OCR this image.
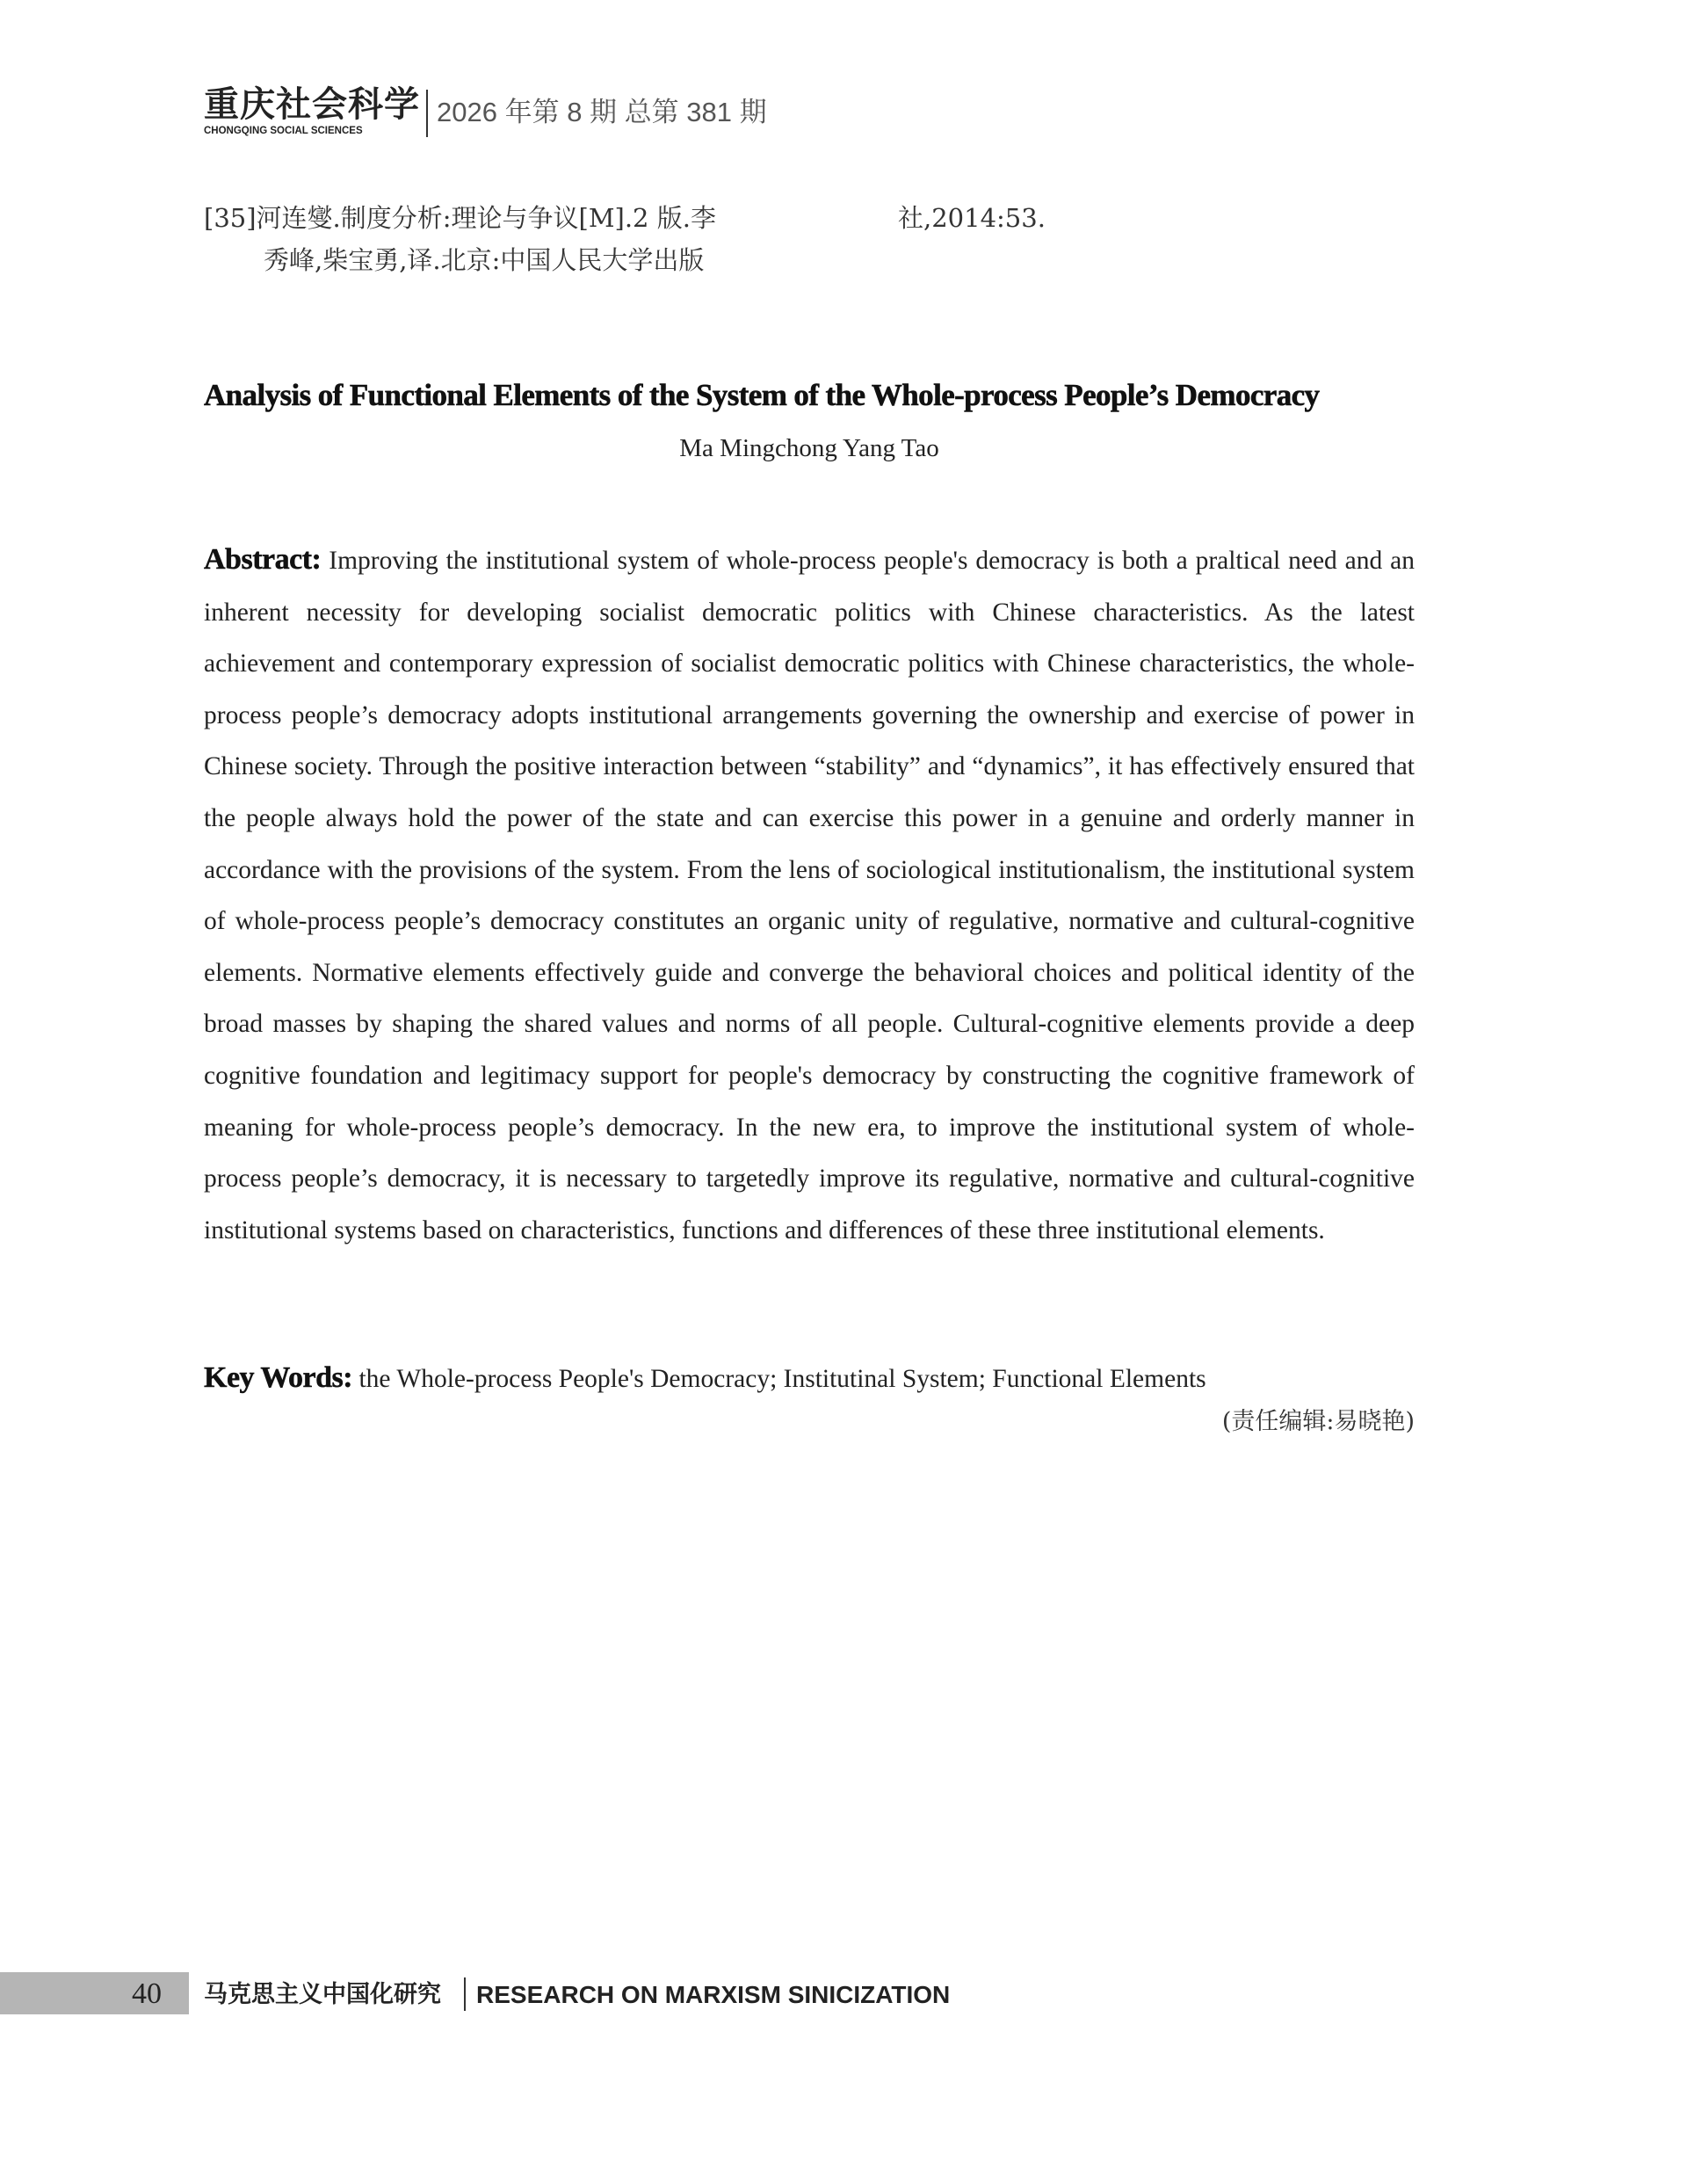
重庆社会科学
CHONGQING SOCIAL SCIENCES
2026 年第 8 期 总第 381 期
[35]河连燮.制度分析:理论与争议[M].2 版.李
秀峰,柴宝勇,译.北京:中国人民大学出版
社,2014:53.
Analysis of Functional Elements of the System of the Whole-process People’s Democracy
Ma Mingchong Yang Tao
Abstract: Improving the institutional system of whole-process people's democracy is both a praltical need and an inherent necessity for developing socialist democratic politics with Chinese characteristics. As the latest achievement and contemporary expression of socialist democratic politics with Chinese characteristics, the whole-process people’s democracy adopts institutional arrangements governing the ownership and exercise of power in Chinese society. Through the positive interaction between “stability” and “dynamics”, it has effectively ensured that the people always hold the power of the state and can exercise this power in a genuine and orderly manner in accordance with the provisions of the system. From the lens of sociological institutionalism, the institutional system of whole-process people’s democracy constitutes an organic unity of regulative, normative and cultural-cognitive elements. Normative elements effectively guide and converge the behavioral choices and political identity of the broad masses by shaping the shared values and norms of all people. Cultural-cognitive elements provide a deep cognitive foundation and legitimacy support for people's democracy by constructing the cognitive framework of meaning for whole-process people’s democracy. In the new era, to improve the institutional system of whole-process people’s democracy, it is necessary to targetedly improve its regulative, normative and cultural-cognitive institutional systems based on characteristics, functions and differences of these three institutional elements.
Key Words: the Whole-process People's Democracy; Institutinal System; Functional Elements
(责任编辑:易晓艳)
40 马克思主义中国化研究 RESEARCH ON MARXISM SINICIZATION
